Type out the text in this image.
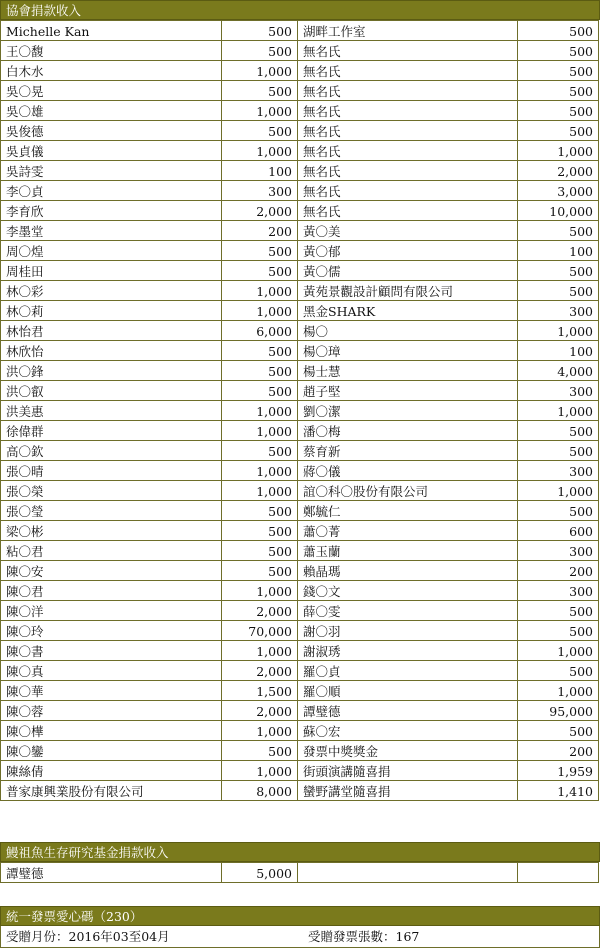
協會捐款收入
Michelle Kan	500 湖畔工作室	500
王〇馥	500 無名氏	500
白木水	1,000 無名氏	500
吳〇晃	500 無名氏	500
吳〇雄	1,000 無名氏	500
吳俊德	500 無名氏	500
吳貞儀	1,000 無名氏	1,000
吳詩雯	100 無名氏	2,000
李〇貞	300 無名氏	3,000
李育欣	2,000 無名氏	10,000
李墨堂	200 黃〇美	500
周〇煌	500 黃〇郁	100
周桂田	500 黃〇儒	500
林〇彩	1,000 黃苑景觀設計顧問有限公司	500
林〇莉	1,000 黑金SHARK	300
林怡君	6,000 楊〇	1,000
林欣怡	500 楊〇璋	100
洪〇鋒	500 楊士慧	4,000
洪〇叡	500 趙子堅	300
洪美惠	1,000 劉〇潔	1,000
徐偉群	1,000 潘〇梅	500
高〇欽	500 蔡育新	500
張〇晴	1,000 蔣〇儀	300
張〇榮	1,000 誼〇科〇股份有限公司	1,000
張〇瑩	500 鄭毓仁	500
梁〇彬	500 蕭〇菁	600
粘〇君	500 蕭玉蘭	300
陳〇安	500 賴晶瑪	200
陳〇君	1,000 錢〇文	300
陳〇洋	2,000 薛〇雯	500
陳〇玲	70,000 謝〇羽	500
陳〇書	1,000 謝淑琇	1,000
陳〇真	2,000 羅〇貞	500
陳〇華	1,500 羅〇順	1,000
陳〇蓉	2,000 譚璧德	95,000
陳〇樺	1,000 蘇〇宏	500
陳〇鑾	500 發票中獎獎金	200
陳絲倩	1,000 街頭演講隨喜捐	1,959
普家康興業股份有限公司	8,000 蠻野講堂隨喜捐	1,410
鰻祖魚生存研究基金捐款收入
譚璧德	5,000
統一發票愛心碼（230）
受贈月份：2016年03至04月	受贈發票張數：167
